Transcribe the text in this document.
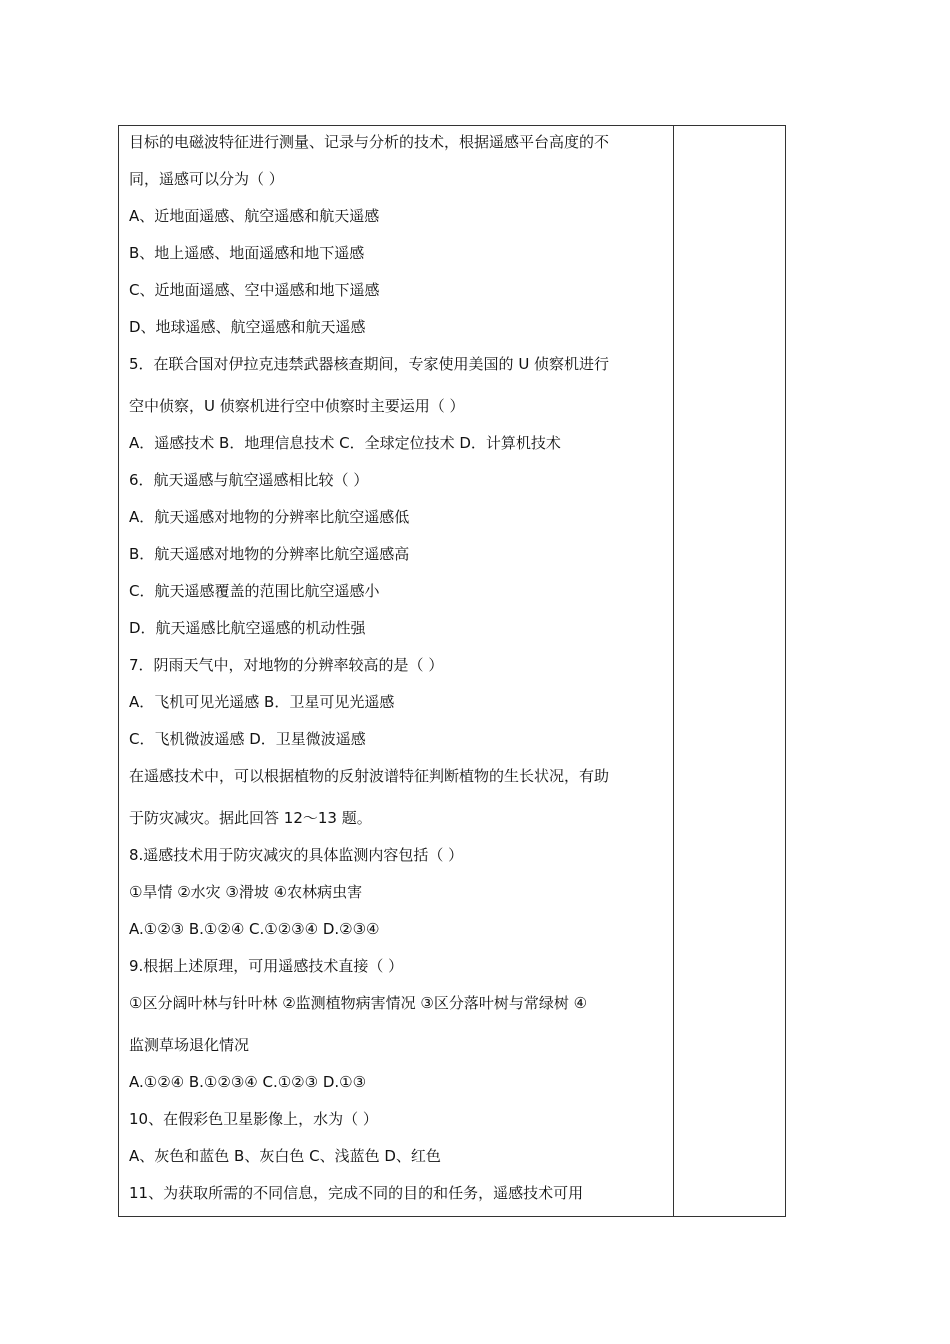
目标的电磁波特征进行测量、记录与分析的技术，根据遥感平台高度的不
同，遥感可以分为（ ）
A、近地面遥感、航空遥感和航天遥感
B、地上遥感、地面遥感和地下遥感
C、近地面遥感、空中遥感和地下遥感
D、地球遥感、航空遥感和航天遥感
5．在联合国对伊拉克违禁武器核查期间，专家使用美国的 U 侦察机进行
空中侦察，U 侦察机进行空中侦察时主要运用（ ）
A．遥感技术 B．地理信息技术 C．全球定位技术 D．计算机技术
6．航天遥感与航空遥感相比较（ ）
A．航天遥感对地物的分辨率比航空遥感低
B．航天遥感对地物的分辨率比航空遥感高
C．航天遥感覆盖的范围比航空遥感小
D．航天遥感比航空遥感的机动性强
7．阴雨天气中，对地物的分辨率较高的是（ ）
A．飞机可见光遥感 B．卫星可见光遥感
C．飞机微波遥感 D．卫星微波遥感
在遥感技术中，可以根据植物的反射波谱特征判断植物的生长状况，有助
于防灾减灾。据此回答 12～13 题。
8.遥感技术用于防灾减灾的具体监测内容包括（ ）
①旱情 ②水灾 ③滑坡 ④农林病虫害
A.①②③ B.①②④ C.①②③④ D.②③④
9.根据上述原理，可用遥感技术直接（ ）
①区分阔叶林与针叶林 ②监测植物病害情况 ③区分落叶树与常绿树 ④
监测草场退化情况
A.①②④ B.①②③④ C.①②③ D.①③
10、在假彩色卫星影像上，水为（ ）
A、灰色和蓝色 B、灰白色 C、浅蓝色 D、红色
11、为获取所需的不同信息，完成不同的目的和任务，遥感技术可用
